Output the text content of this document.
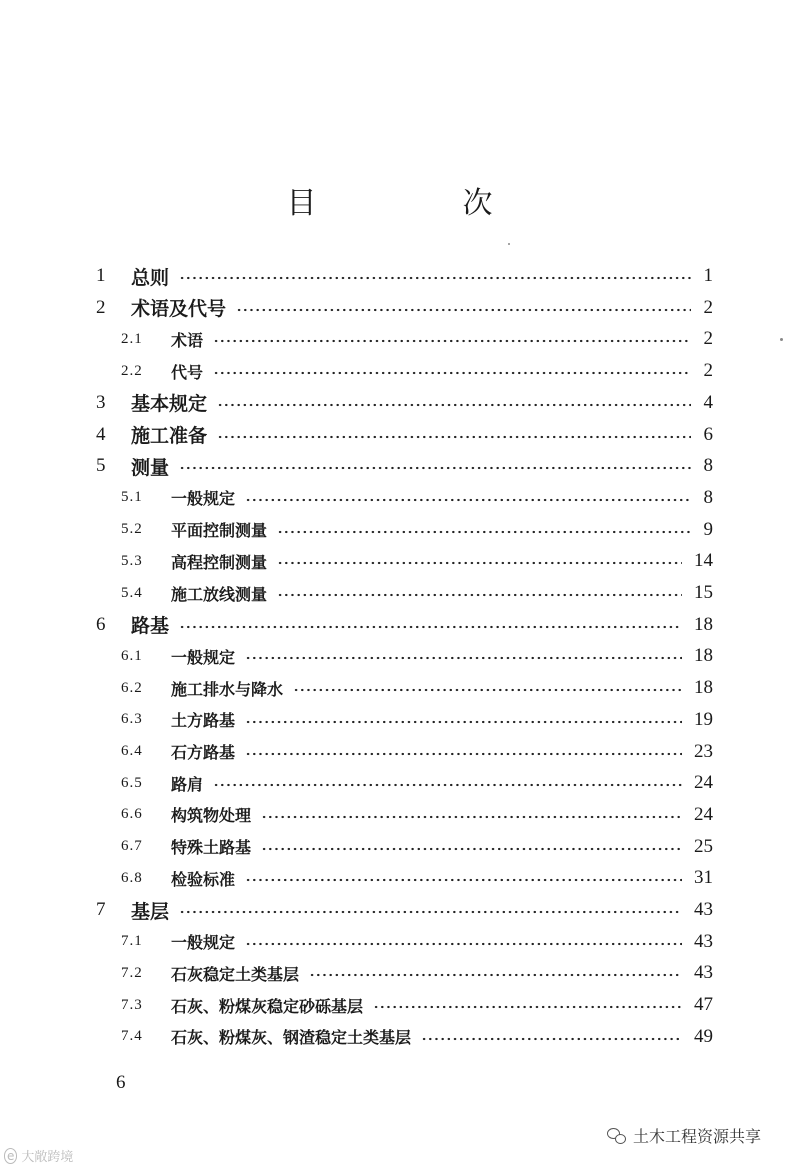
目　次
1 总则	1
2 术语及代号	2
2.1 术语	2
2.2 代号	2
3 基本规定	4
4 施工准备	6
5 测量	8
5.1 一般规定	8
5.2 平面控制测量	9
5.3 高程控制测量	14
5.4 施工放线测量	15
6 路基	18
6.1 一般规定	18
6.2 施工排水与降水	18
6.3 土方路基	19
6.4 石方路基	23
6.5 路肩	24
6.6 构筑物处理	24
6.7 特殊土路基	25
6.8 检验标准	31
7 基层	43
7.1 一般规定	43
7.2 石灰稳定土类基层	43
7.3 石灰、粉煤灰稳定砂砾基层	47
7.4 石灰、粉煤灰、钢渣稳定土类基层	49
6
土木工程资源共享
e 大敞跨境
